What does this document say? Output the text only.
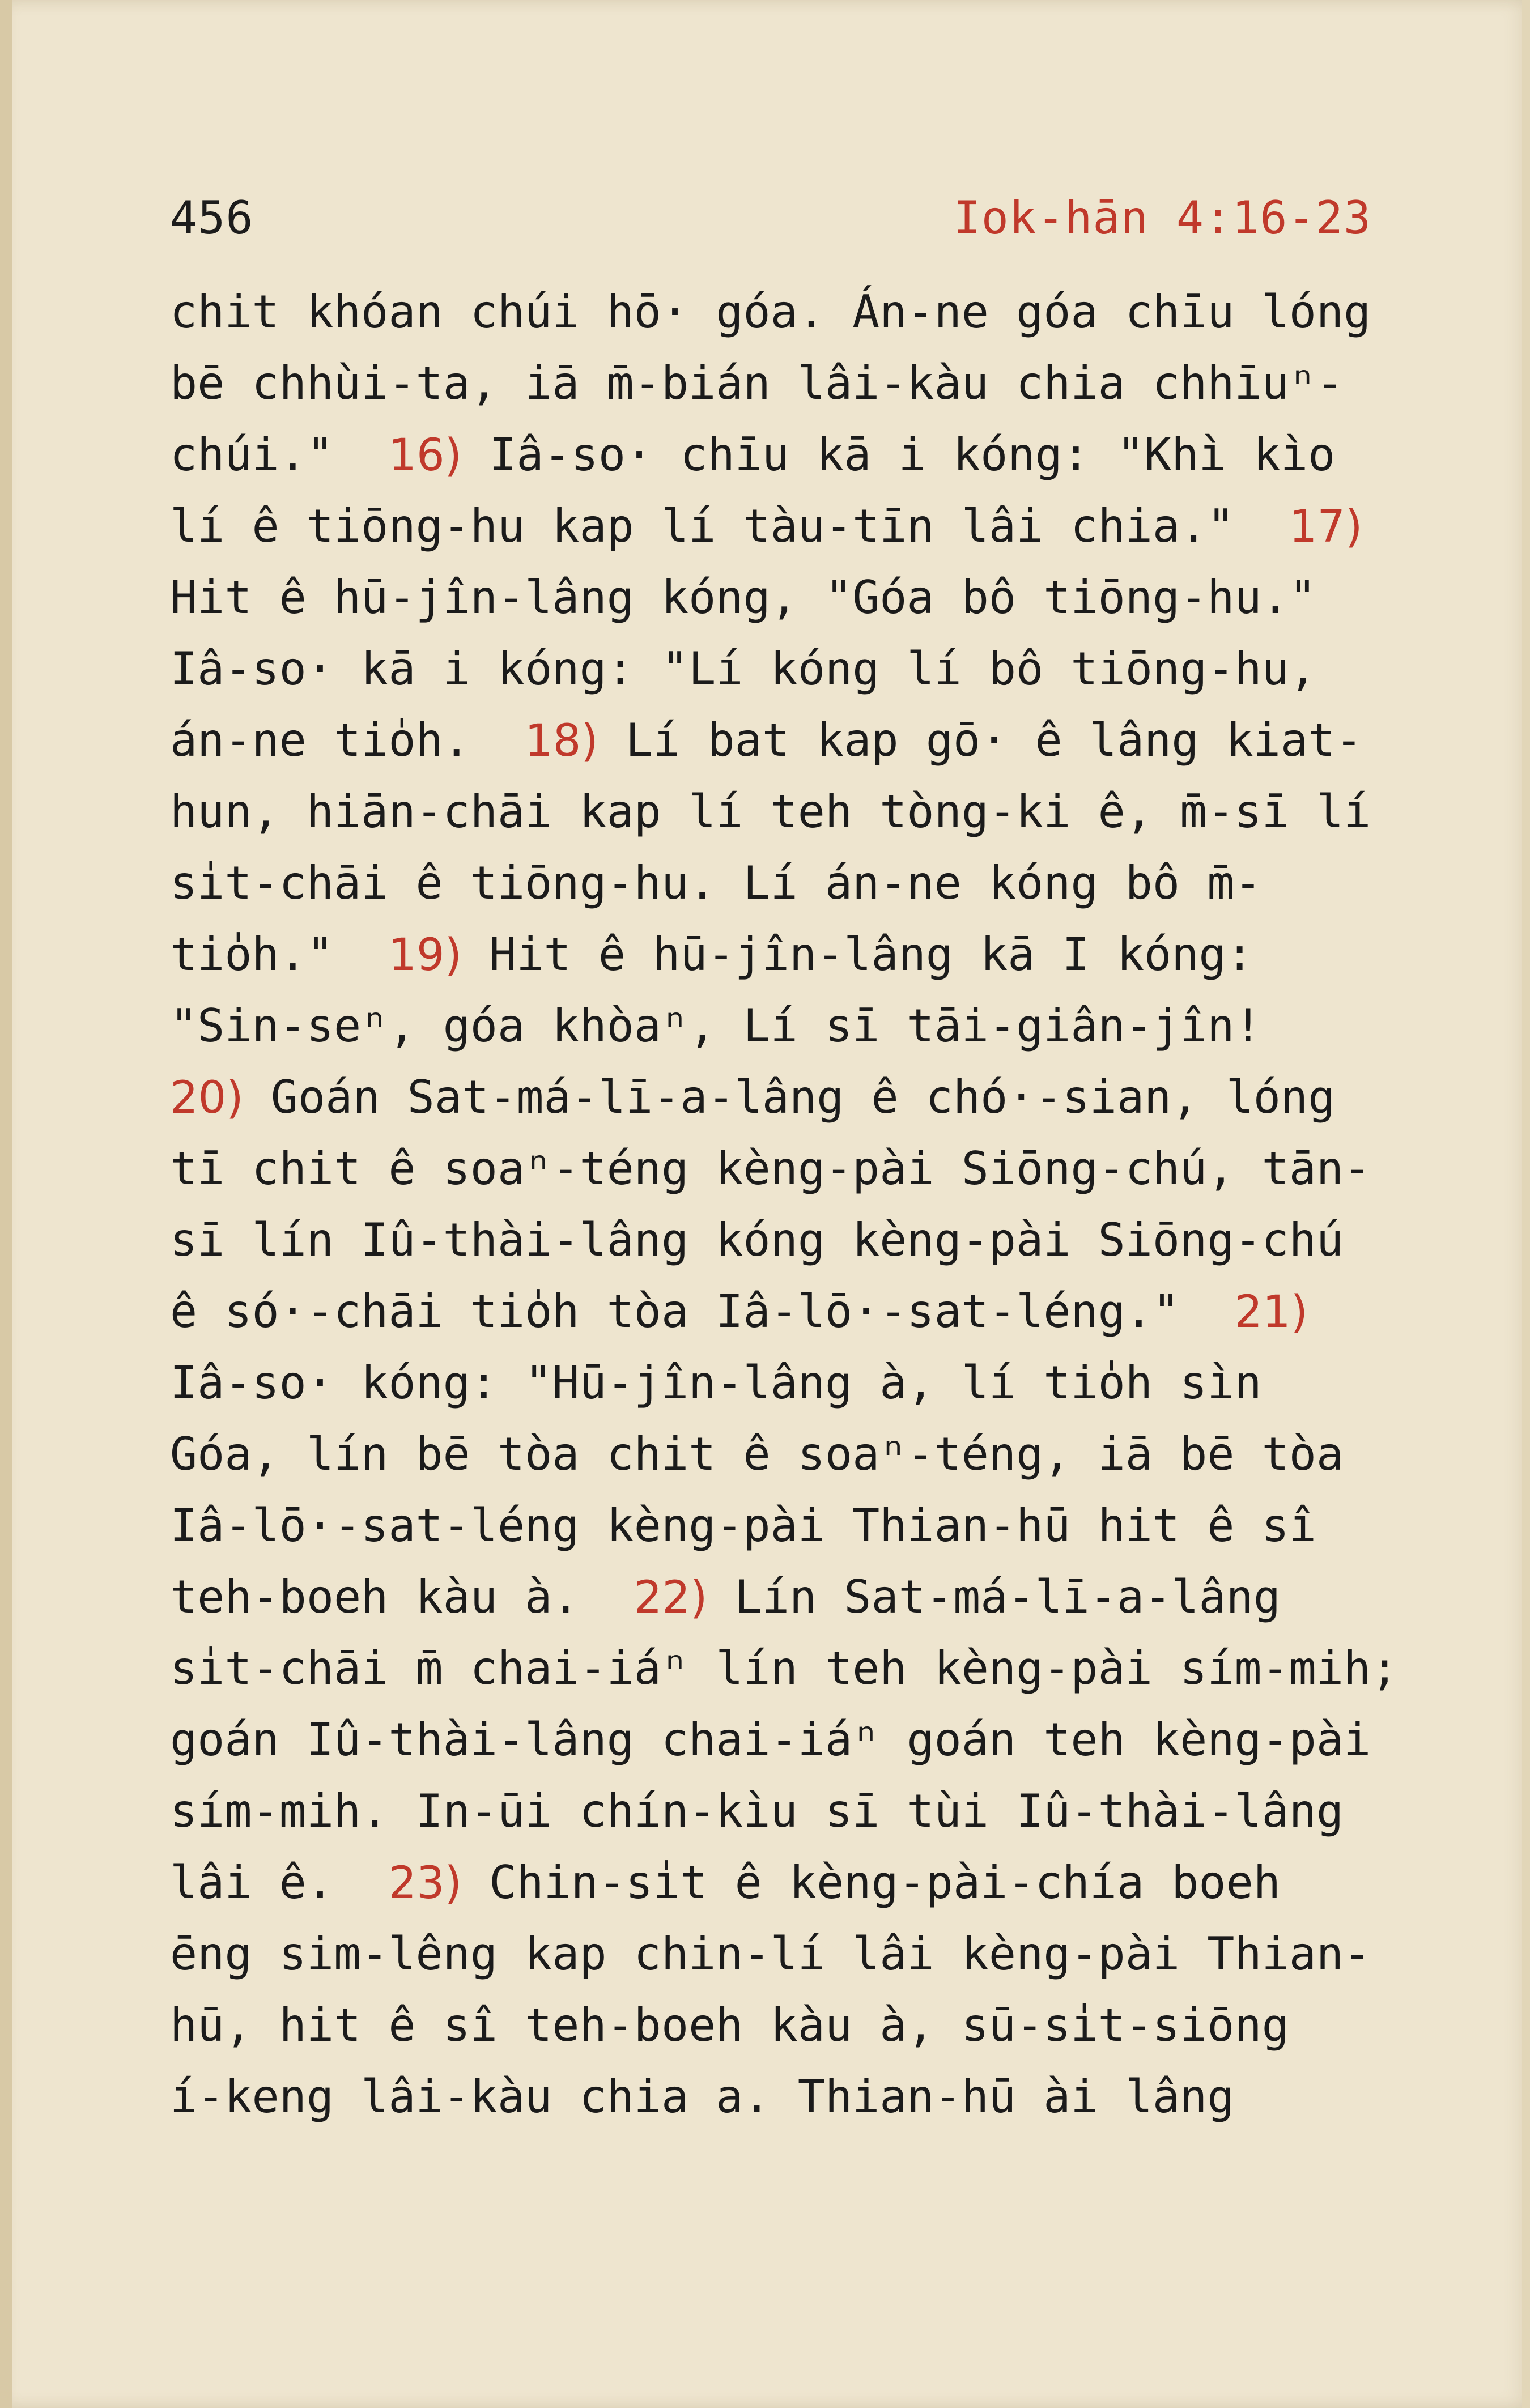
456	Iok-hān 4:16-23
chit khóan chúi hō· góa. Án-ne góa chīu lóng
bē chhùi-ta, iā m̄-bián lâi-kàu chia chhīuⁿ-
chúi."  16) Iâ-so· chīu kā i kóng: "Khì kìo
lí ê tiōng-hu kap lí tàu-tīn lâi chia."  17)
Hit ê hū-jîn-lâng kóng, "Góa bô tiōng-hu."
Iâ-so· kā i kóng: "Lí kóng lí bô tiōng-hu,
án-ne tio̍h.  18) Lí bat kap gō· ê lâng kiat-
hun, hiān-chāi kap lí teh tòng-ki ê, m̄-sī lí
si̍t-chāi ê tiōng-hu. Lí án-ne kóng bô m̄-
tio̍h."  19) Hit ê hū-jîn-lâng kā I kóng:
"Sin-seⁿ, góa khòaⁿ, Lí sī tāi-giân-jîn!
20) Goán Sat-má-lī-a-lâng ê chó·-sian, lóng
tī chit ê soaⁿ-téng kèng-pài Siōng-chú, tān-
sī lín Iû-thài-lâng kóng kèng-pài Siōng-chú
ê só·-chāi tio̍h tòa Iâ-lō·-sat-léng."  21)
Iâ-so· kóng: "Hū-jîn-lâng à, lí tio̍h sìn
Góa, lín bē tòa chit ê soaⁿ-téng, iā bē tòa
Iâ-lō·-sat-léng kèng-pài Thian-hū hit ê sî
teh-boeh kàu à.  22) Lín Sat-má-lī-a-lâng
si̍t-chāi m̄ chai-iáⁿ lín teh kèng-pài sím-mih;
goán Iû-thài-lâng chai-iáⁿ goán teh kèng-pài
sím-mih. In-ūi chín-kìu sī tùi Iû-thài-lâng
lâi ê.  23) Chin-si̍t ê kèng-pài-chía boeh
ēng sim-lêng kap chin-lí lâi kèng-pài Thian-
hū, hit ê sî teh-boeh kàu à, sū-si̍t-siōng
í-keng lâi-kàu chia a. Thian-hū ài lâng
